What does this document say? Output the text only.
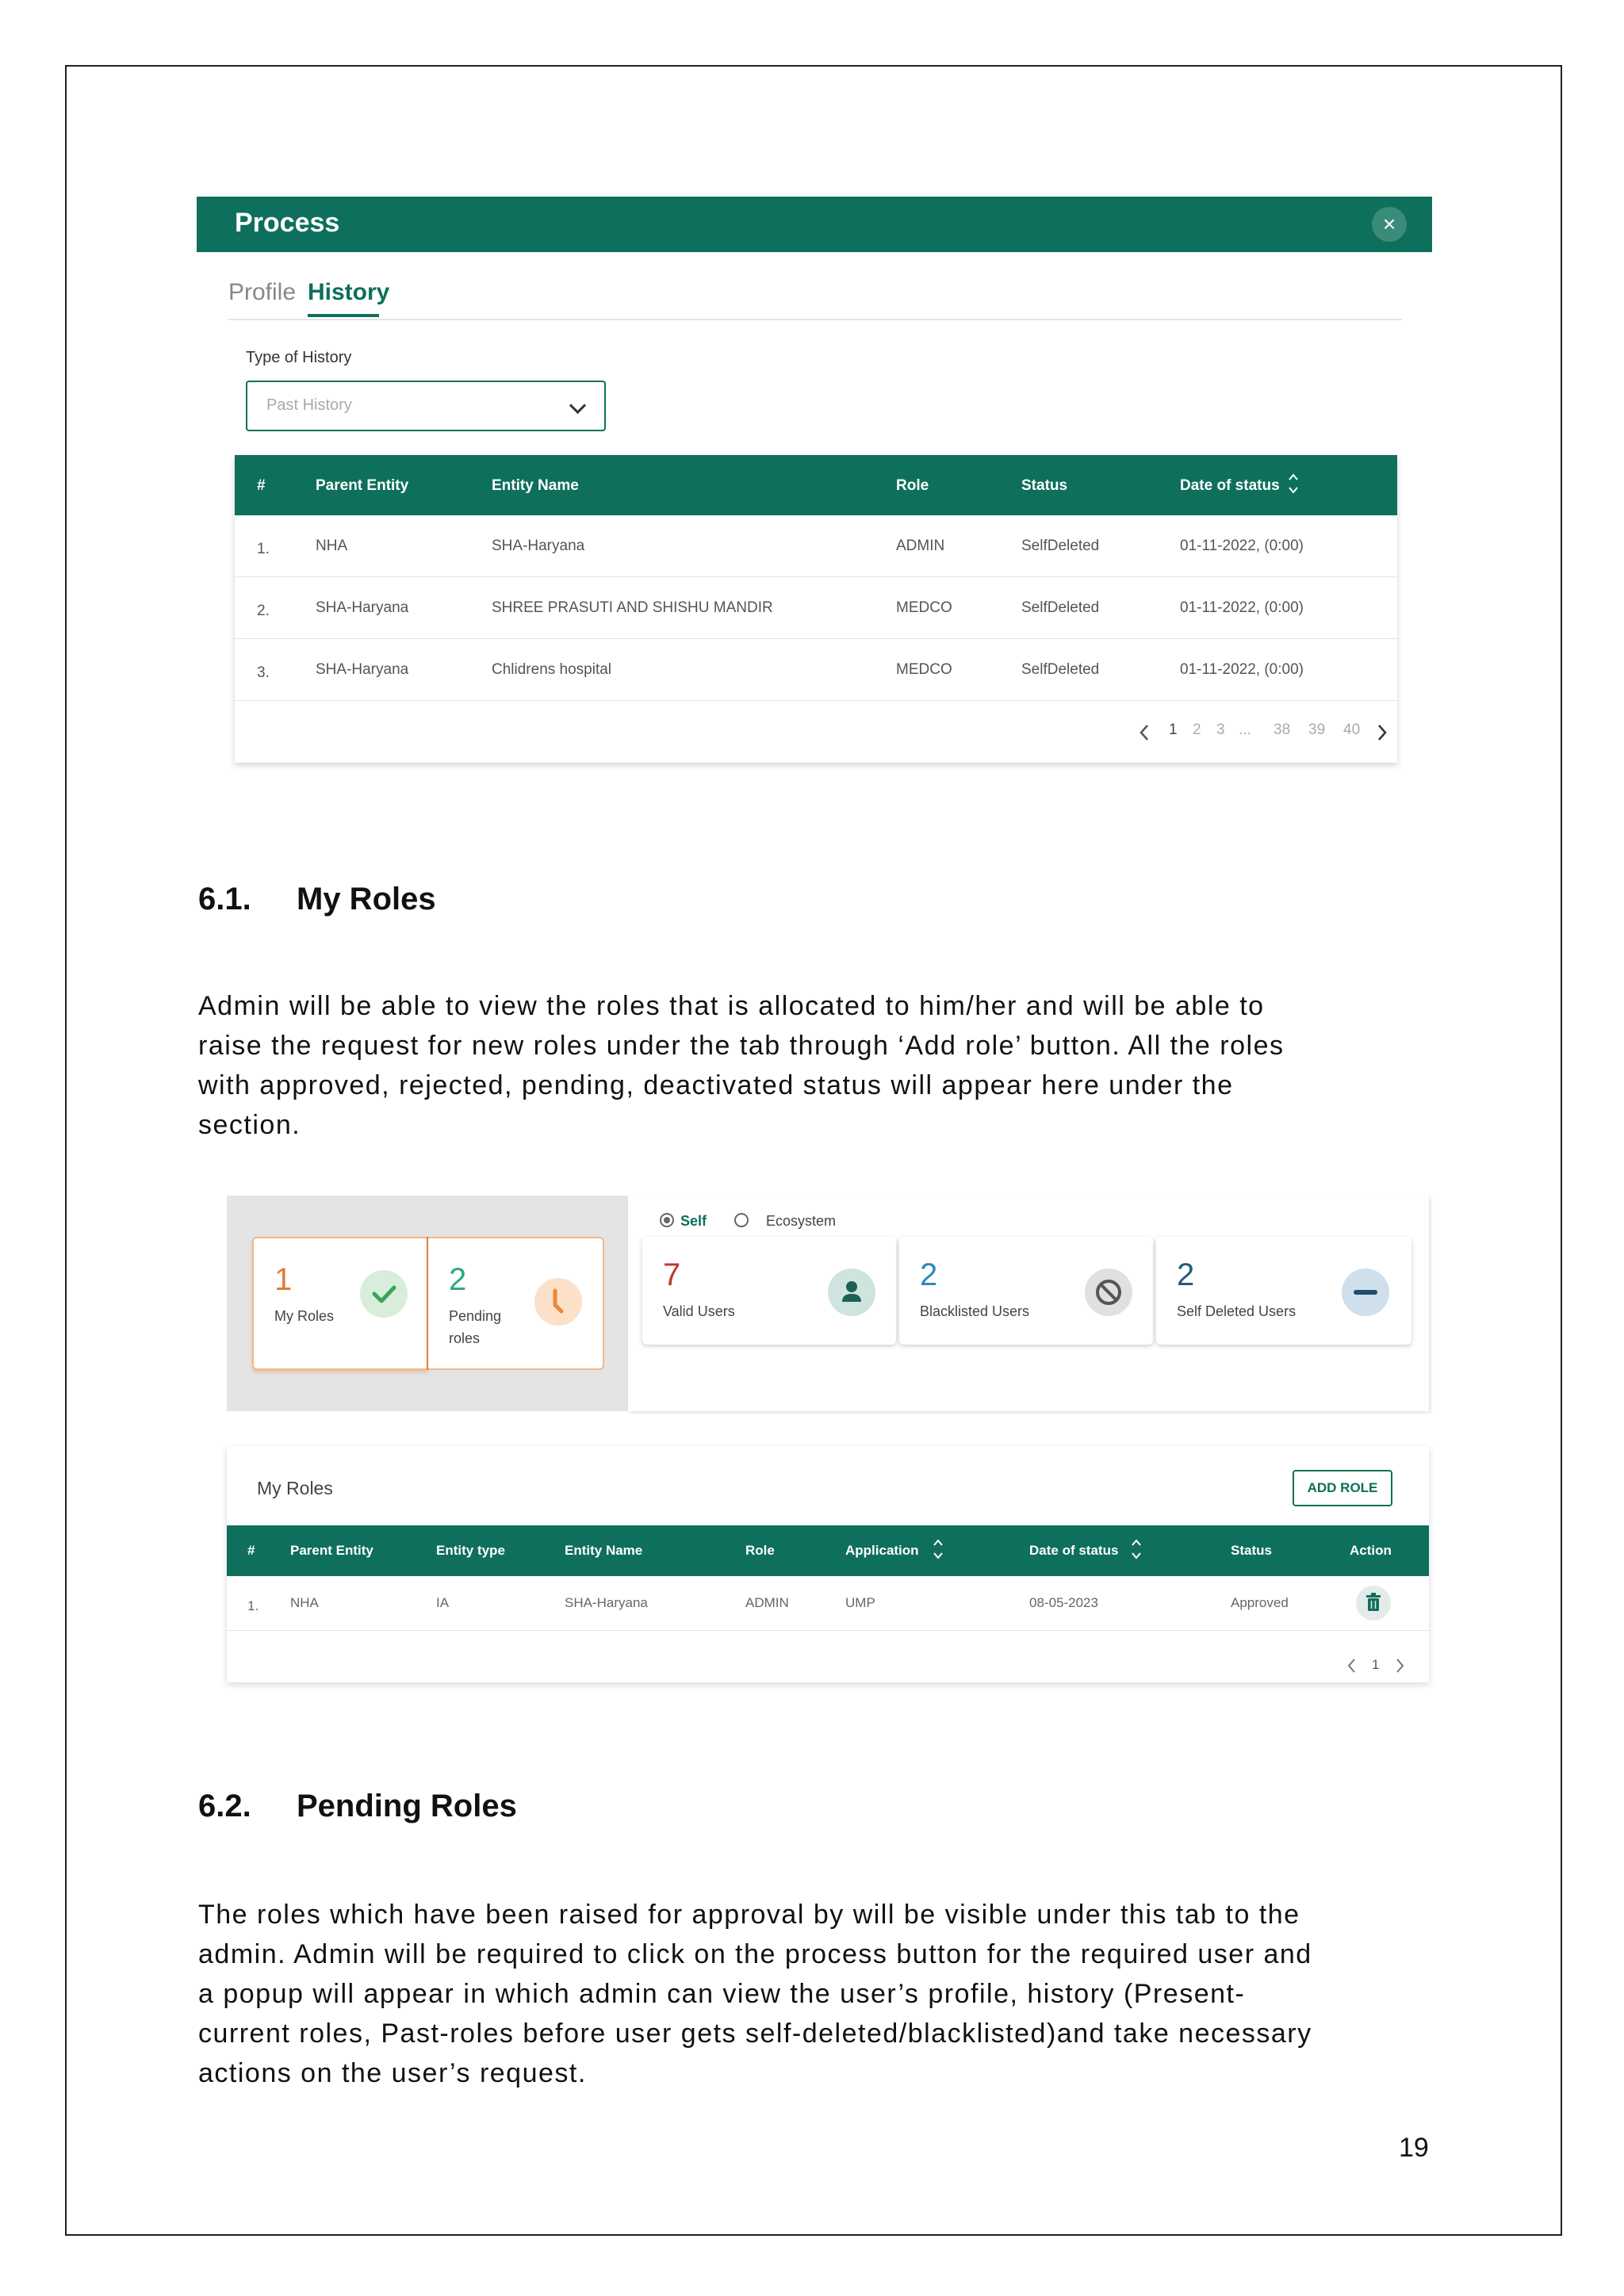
Process	×
Profile History
Type of History
Past History
#	Parent Entity	Entity Name	Role	Status	Date of status
1.	NHA	SHA-Haryana	ADMIN	SelfDeleted	01-11-2022, (0:00)
2.	SHA-Haryana	SHREE PRASUTI AND SHISHU MANDIR	MEDCO	SelfDeleted	01-11-2022, (0:00)
3.	SHA-Haryana	Chlidrens hospital	MEDCO	SelfDeleted	01-11-2022, (0:00)
1 2 3 ... 38 39 40
6.1. My Roles
Admin will be able to view the roles that is allocated to him/her and will be able to
raise the request for new roles under the tab through ‘Add role’ button. All the roles
with approved, rejected, pending, deactivated status will appear here under the
section.
1
My Roles
2
Pending
roles
Self	Ecosystem
7
Valid Users
2
Blacklisted Users
2
Self Deleted Users
My Roles	ADD ROLE
#	Parent Entity	Entity type	Entity Name	Role	Application	Date of status	Status	Action
1. NHA	IA	SHA-Haryana	ADMIN	UMP	08-05-2023	Approved
1
6.2. Pending Roles
The roles which have been raised for approval by will be visible under this tab to the
admin. Admin will be required to click on the process button for the required user and
a popup will appear in which admin can view the user’s profile, history (Present-
current roles, Past-roles before user gets self-deleted/blacklisted)and take necessary
actions on the user’s request.
19
